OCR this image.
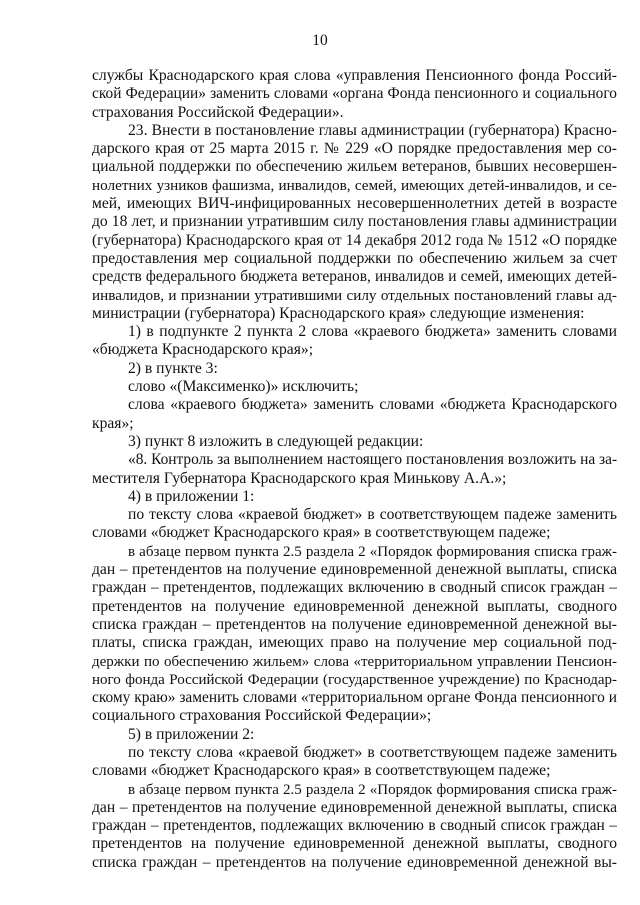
10
службы Краснодарского края слова «управления Пенсионного фонда Россий-
ской Федерации» заменить словами «органа Фонда пенсионного и социального
страхования Российской Федерации».
23. Внести в постановление главы администрации (губернатора) Красно-
дарского края от 25 марта 2015 г. № 229 «О порядке предоставления мер со-
циальной поддержки по обеспечению жильем ветеранов, бывших несовершен-
нолетних узников фашизма, инвалидов, семей, имеющих детей-инвалидов, и се-
мей, имеющих ВИЧ-инфицированных несовершеннолетних детей в возрасте
до 18 лет, и признании утратившим силу постановления главы администрации
(губернатора) Краснодарского края от 14 декабря 2012 года № 1512 «О порядке
предоставления мер социальной поддержки по обеспечению жильем за счет
средств федерального бюджета ветеранов, инвалидов и семей, имеющих детей-
инвалидов, и признании утратившими силу отдельных постановлений главы ад-
министрации (губернатора) Краснодарского края» следующие изменения:
1) в подпункте 2 пункта 2 слова «краевого бюджета» заменить словами
«бюджета Краснодарского края»;
2) в пункте 3:
слово «(Максименко)» исключить;
слова «краевого бюджета» заменить словами «бюджета Краснодарского
края»;
3) пункт 8 изложить в следующей редакции:
«8. Контроль за выполнением настоящего постановления возложить на за-
местителя Губернатора Краснодарского края Минькову А.А.»;
4) в приложении 1:
по тексту слова «краевой бюджет» в соответствующем падеже заменить
словами «бюджет Краснодарского края» в соответствующем падеже;
в абзаце первом пункта 2.5 раздела 2 «Порядок формирования списка граж-
дан – претендентов на получение единовременной денежной выплаты, списка
граждан – претендентов, подлежащих включению в сводный список граждан –
претендентов на получение единовременной денежной выплаты, сводного
списка граждан – претендентов на получение единовременной денежной вы-
платы, списка граждан, имеющих право на получение мер социальной под-
держки по обеспечению жильем» слова «территориальном управлении Пенсион-
ного фонда Российской Федерации (государственное учреждение) по Краснодар-
скому краю» заменить словами «территориальном органе Фонда пенсионного и
социального страхования Российской Федерации»;
5) в приложении 2:
по тексту слова «краевой бюджет» в соответствующем падеже заменить
словами «бюджет Краснодарского края» в соответствующем падеже;
в абзаце первом пункта 2.5 раздела 2 «Порядок формирования списка граж-
дан – претендентов на получение единовременной денежной выплаты, списка
граждан – претендентов, подлежащих включению в сводный список граждан –
претендентов на получение единовременной денежной выплаты, сводного
списка граждан – претендентов на получение единовременной денежной вы-
